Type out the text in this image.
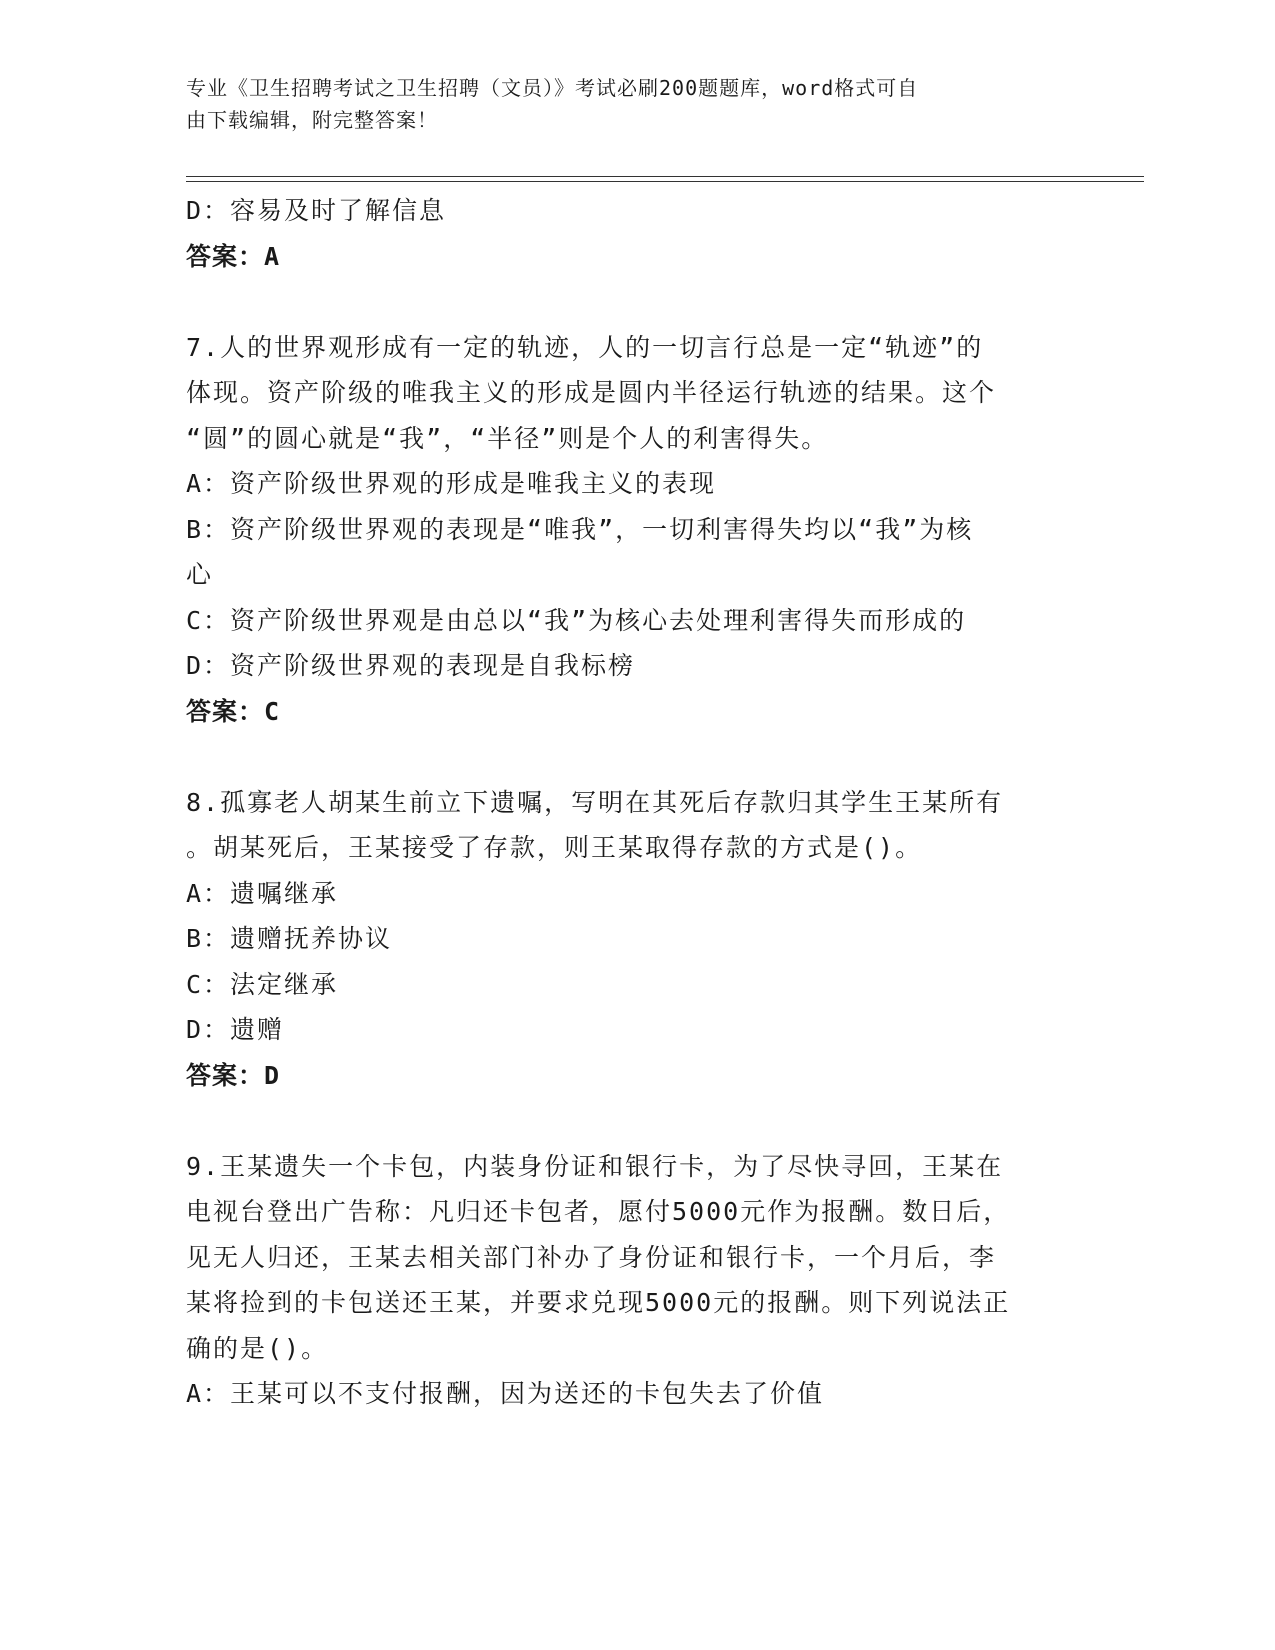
专业《卫生招聘考试之卫生招聘（文员）》考试必刷200题题库，word格式可自
由下载编辑，附完整答案！
D：容易及时了解信息
答案：A
7.人的世界观形成有一定的轨迹，人的一切言行总是一定“轨迹”的
体现。资产阶级的唯我主义的形成是圆内半径运行轨迹的结果。这个
“圆”的圆心就是“我”，“半径”则是个人的利害得失。
A：资产阶级世界观的形成是唯我主义的表现
B：资产阶级世界观的表现是“唯我”，一切利害得失均以“我”为核
心
C：资产阶级世界观是由总以“我”为核心去处理利害得失而形成的
D：资产阶级世界观的表现是自我标榜
答案：C
8.孤寡老人胡某生前立下遗嘱，写明在其死后存款归其学生王某所有
。胡某死后，王某接受了存款，则王某取得存款的方式是()。
A：遗嘱继承
B：遗赠抚养协议
C：法定继承
D：遗赠
答案：D
9.王某遗失一个卡包，内装身份证和银行卡，为了尽快寻回，王某在
电视台登出广告称：凡归还卡包者，愿付5000元作为报酬。数日后，
见无人归还，王某去相关部门补办了身份证和银行卡，一个月后，李
某将捡到的卡包送还王某，并要求兑现5000元的报酬。则下列说法正
确的是()。
A：王某可以不支付报酬，因为送还的卡包失去了价值
